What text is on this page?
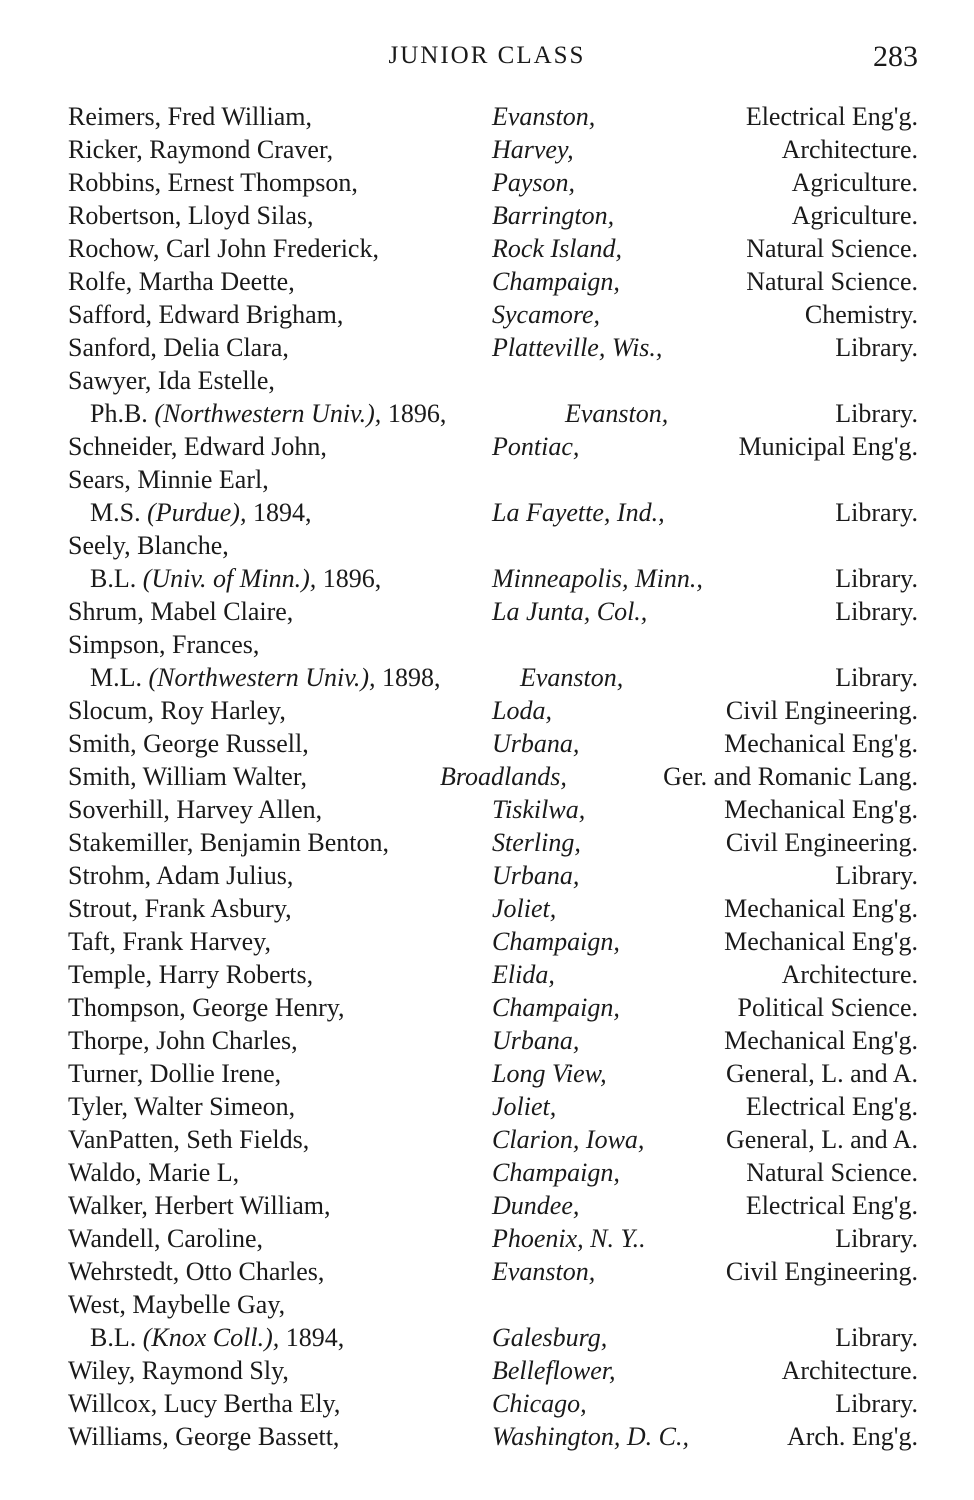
JUNIOR CLASS	283
Reimers, Fred William,	Evanston,	Electrical Eng'g.
Ricker, Raymond Craver,	Harvey,	Architecture.
Robbins, Ernest Thompson,	Payson,	Agriculture.
Robertson, Lloyd Silas,	Barrington,	Agriculture.
Rochow, Carl John Frederick,	Rock Island,	Natural Science.
Rolfe, Martha Deette,	Champaign,	Natural Science.
Safford, Edward Brigham,	Sycamore,	Chemistry.
Sanford, Delia Clara,	Platteville, Wis.,	Library.
Sawyer, Ida Estelle,
Ph.B. (Northwestern Univ.), 1896,	Evanston,	Library.
Schneider, Edward John,	Pontiac,	Municipal Eng'g.
Sears, Minnie Earl,
M.S. (Purdue), 1894,	La Fayette, Ind.,	Library.
Seely, Blanche,
B.L. (Univ. of Minn.), 1896,	Minneapolis, Minn.,	Library.
Shrum, Mabel Claire,	La Junta, Col.,	Library.
Simpson, Frances,
M.L. (Northwestern Univ.), 1898,	Evanston,	Library.
Slocum, Roy Harley,	Loda,	Civil Engineering.
Smith, George Russell,	Urbana,	Mechanical Eng'g.
Smith, William Walter,	Broadlands,	Ger. and Romanic Lang.
Soverhill, Harvey Allen,	Tiskilwa,	Mechanical Eng'g.
Stakemiller, Benjamin Benton,	Sterling,	Civil Engineering.
Strohm, Adam Julius,	Urbana,	Library.
Strout, Frank Asbury,	Joliet,	Mechanical Eng'g.
Taft, Frank Harvey,	Champaign,	Mechanical Eng'g.
Temple, Harry Roberts,	Elida,	Architecture.
Thompson, George Henry,	Champaign,	Political Science.
Thorpe, John Charles,	Urbana,	Mechanical Eng'g.
Turner, Dollie Irene,	Long View,	General, L. and A.
Tyler, Walter Simeon,	Joliet,	Electrical Eng'g.
VanPatten, Seth Fields,	Clarion, Iowa,	General, L. and A.
Waldo, Marie L,	Champaign,	Natural Science.
Walker, Herbert William,	Dundee,	Electrical Eng'g.
Wandell, Caroline,	Phoenix, N. Y..	Library.
Wehrstedt, Otto Charles,	Evanston,	Civil Engineering.
West, Maybelle Gay,
B.L. (Knox Coll.), 1894,	Galesburg,	Library.
Wiley, Raymond Sly,	Belleflower,	Architecture.
Willcox, Lucy Bertha Ely,	Chicago,	Library.
Williams, George Bassett,	Washington, D. C.,	Arch. Eng'g.
